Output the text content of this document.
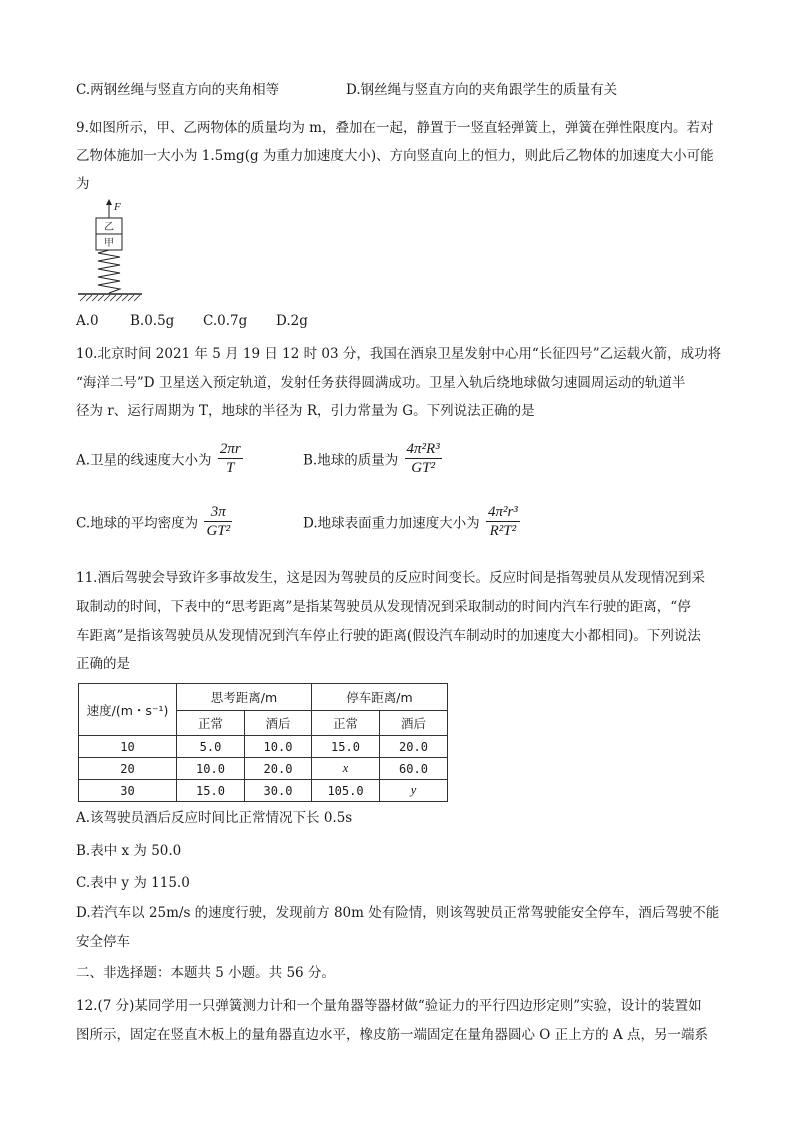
C.两钢丝绳与竖直方向的夹角相等	D.钢丝绳与竖直方向的夹角跟学生的质量有关
9.如图所示，甲、乙两物体的质量均为 m，叠加在一起，静置于一竖直轻弹簧上，弹簧在弹性限度内。若对
乙物体施加一大小为 1.5mg(g 为重力加速度大小)、方向竖直向上的恒力，则此后乙物体的加速度大小可能
为
F
乙
甲
A.0 B.0.5g C.0.7g D.2g
10.北京时间 2021 年 5 月 19 日 12 时 03 分，我国在酒泉卫星发射中心用“长征四号”乙运载火箭，成功将
“海洋二号”D 卫星送入预定轨道，发射任务获得圆满成功。卫星入轨后绕地球做匀速圆周运动的轨道半
径为 r、运行周期为 T，地球的半径为 R，引力常量为 G。下列说法正确的是
A.卫星的线速度大小为 $\frac{2\pi r}{T}$	B.地球的质量为 $\frac{\text{4π²R³}}{\text{GT²}}$
C.地球的平均密度为 $\frac{3\pi}{\text{GT²}}$	D.地球表面重力加速度大小为 $\frac{\text{4π²r³}}{\text{R²T²}}$
11.酒后驾驶会导致许多事故发生，这是因为驾驶员的反应时间变长。反应时间是指驾驶员从发现情况到采
取制动的时间，下表中的“思考距离”是指某驾驶员从发现情况到采取制动的时间内汽车行驶的距离，“停
车距离”是指该驾驶员从发现情况到汽车停止行驶的距离(假设汽车制动时的加速度大小都相同)。下列说法
正确的是
速度/(m・s⁻¹)	思考距离/m		停车距离/m	
	正常	酒后	正常	酒后
10	5.0	10.0	15.0	20.0
20	10.0	20.0	x	60.0
30	15.0	30.0	105.0	y
A.该驾驶员酒后反应时间比正常情况下长 0.5s
B.表中 x 为 50.0
C.表中 y 为 115.0
D.若汽车以 25m/s 的速度行驶，发现前方 80m 处有险情，则该驾驶员正常驾驶能安全停车，酒后驾驶不能
安全停车
二、非选择题：本题共 5 小题。共 56 分。
12.(7 分)某同学用一只弹簧测力计和一个量角器等器材做“验证力的平行四边形定则”实验，设计的装置如
图所示，固定在竖直木板上的量角器直边水平，橡皮筋一端固定在量角器圆心 O 正上方的 A 点，另一端系
